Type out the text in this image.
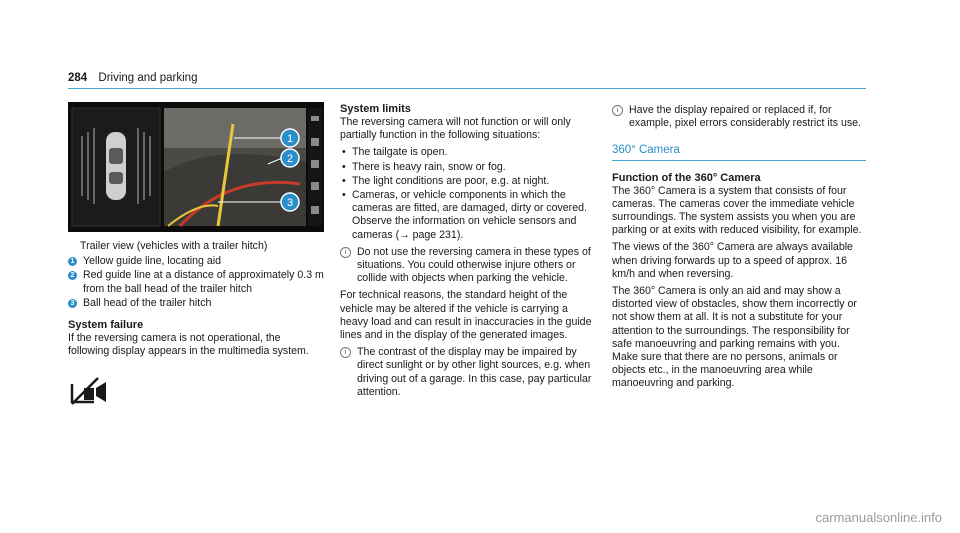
284 Driving and parking
1
2
3

Trailer view (vehicles with a trailer hitch)

1 Yellow guide line, locating aid
2 Red guide line at a distance of approximately 0.3 m from the ball head of the trailer hitch
3 Ball head of the trailer hitch
System failure

If the reversing camera is not operational, the following display appears in the multimedia system.

System limits

The reversing camera will not function or will only partially function in the following situations:

• The tailgate is open.
• There is heavy rain, snow or fog.
• The light conditions are poor, e.g. at night.
• Cameras, or vehicle components in which the cameras are fitted, are damaged, dirty or covered. Observe the information on vehicle sensors and cameras (→ page 231).
i	Do not use the reversing camera in these types of situations. You could otherwise injure others or collide with objects when parking the vehicle.

For technical reasons, the standard height of the vehicle may be altered if the vehicle is carrying a heavy load and can result in inaccuracies in the guide lines and in the display of the generated images.

i	The contrast of the display may be impaired by direct sunlight or by other light sources, e.g. when driving out of a garage. In this case, pay particular attention.
i	Have the display repaired or replaced if, for example, pixel errors considerably restrict its use.
360° Camera
Function of the 360° Camera

The 360° Camera is a system that consists of four cameras. The cameras cover the immediate vehicle surroundings. The system assists you when you are parking or at exits with reduced visibility, for example.

The views of the 360° Camera are always available when driving forwards up to a speed of approx. 16 km/h and when reversing.

The 360° Camera is only an aid and may show a distorted view of obstacles, show them incorrectly or not show them at all. It is not a substitute for your attention to the surroundings. The responsibility for safe manoeuvring and parking remains with you. Make sure that there are no persons, animals or objects etc., in the manoeuvring area while manoeuvring and parking.

carmanualsonline.info
